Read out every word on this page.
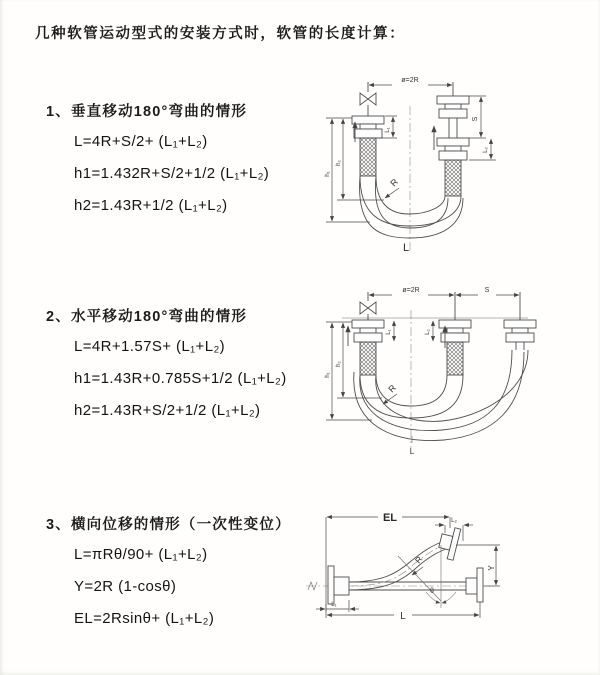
几种软管运动型式的安装方式时，软管的长度计算：
1、垂直移动180°弯曲的情形
L=4R+S/2+ (L₁+L₂)
h1=1.432R+S/2+1/2 (L₁+L₂)
h2=1.43R+1/2 (L₁+L₂)
2、水平移动180°弯曲的情形
L=4R+1.57S+ (L₁+L₂)
h1=1.43R+0.785S+1/2 (L₁+L₂)
h2=1.43R+S/2+1/2 (L₁+L₂)
3、横向位移的情形（一次性变位）
L=πRθ/90+ (L₁+L₂)
Y=2R (1-cosθ)
EL=2Rsinθ+ (L₁+L₂)
ø=2R
L₁
S
L₂
h₁
h₂
R
L
ø=2R	S
L₁	L₂
h₁
h₂
R
L
EL	L₂
Y
R
θ
L₁
L
